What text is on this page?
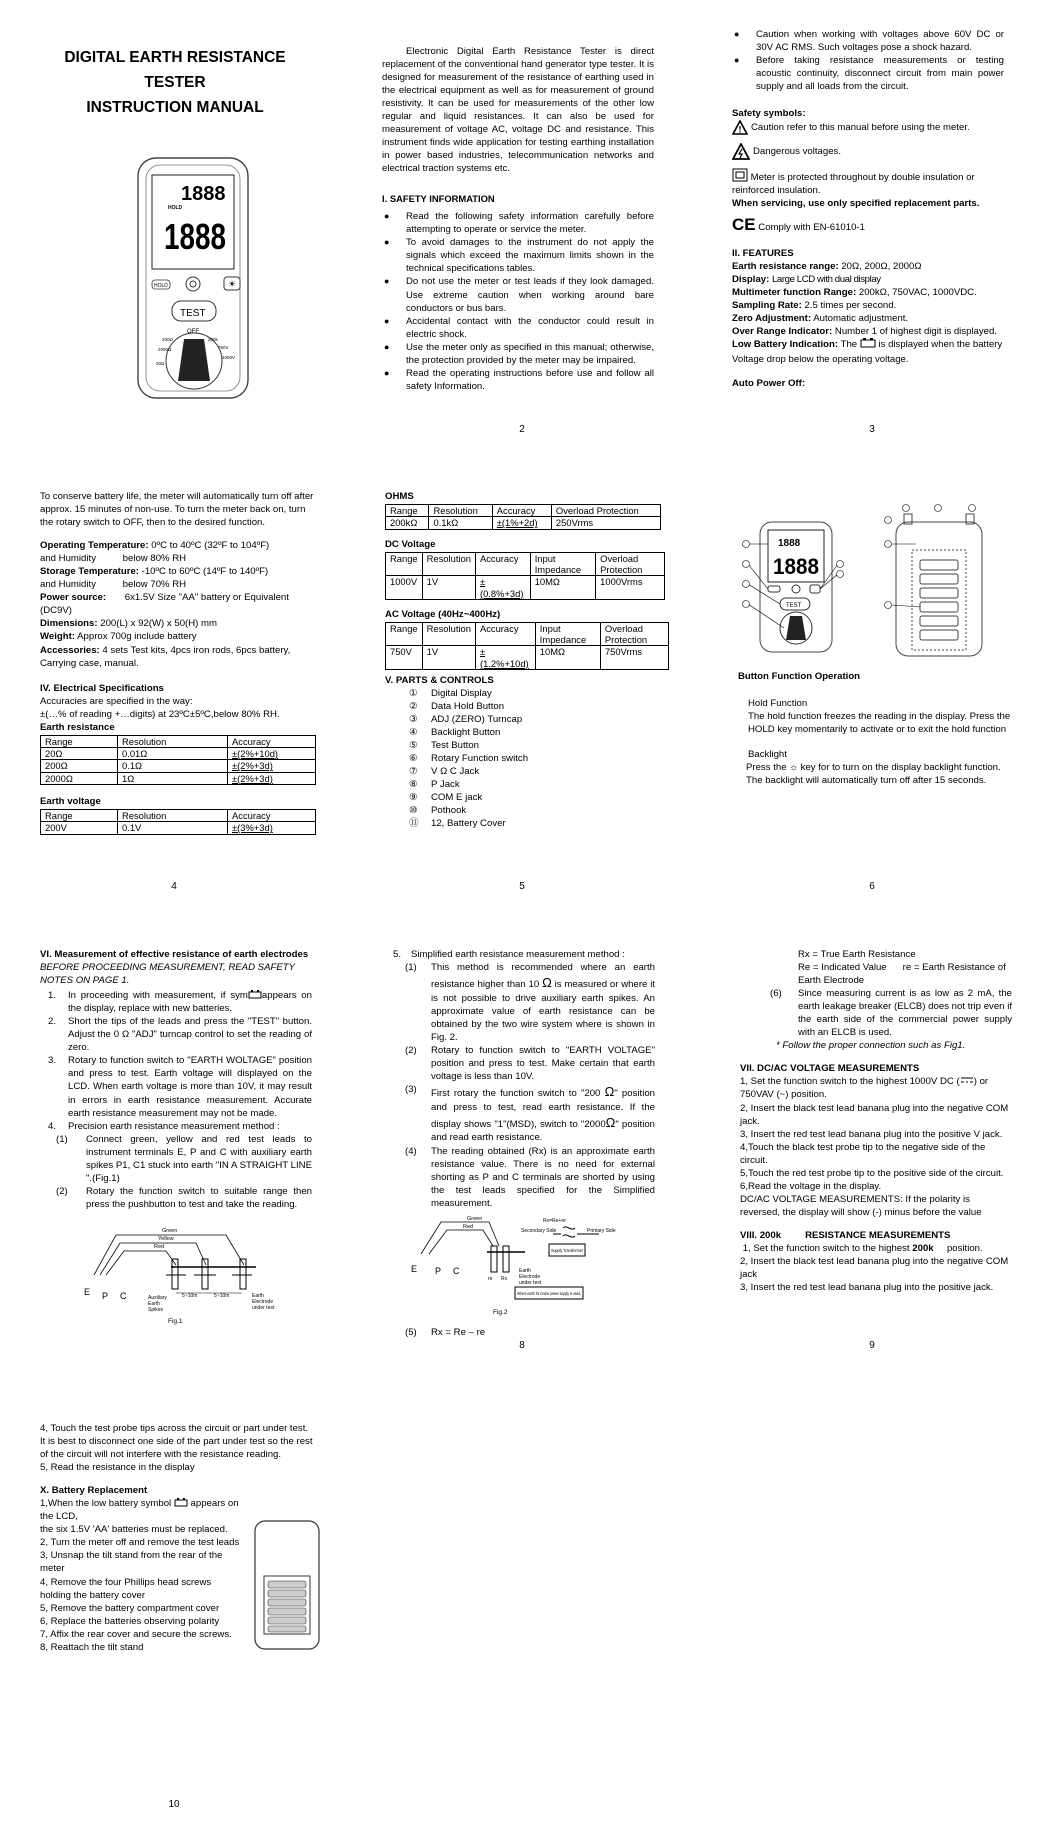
DIGITAL EARTH RESISTANCE
TESTER
INSTRUCTION MANUAL
1888
HOLD
1888
HOLD	☀
TEST
OFF
200Ω
2000Ω
20Ω
200k
750V
1000V
Electronic Digital Earth Resistance Tester is direct replacement of the conventional hand generator type tester. It is designed for measurement of the resistance of earthing used in the electrical equipment as well as for measurement of ground resistivity. It can be used for measurements of the other low regular and liquid resistances. It can also be used for measurement of voltage AC, voltage DC and resistance. This instrument finds wide application for testing earthing installation in power based industries, telecommunication networks and electrical traction systems etc.
I. SAFETY INFORMATION
● Read the following safety information carefully before attempting to operate or service the meter.
● To avoid damages to the instrument do not apply the signals which exceed the maximum limits shown in the technical specifications tables.
● Do not use the meter or test leads if they look damaged. Use extreme caution when working around bare conductors or bus bars.
● Accidental contact with the conductor could result in electric shock.
● Use the meter only as specified in this manual; otherwise, the protection provided by the meter may be impaired.
● Read the operating instructions before use and follow all safety Information.
2
● Caution when working with voltages above 60V DC or 30V AC RMS. Such voltages pose a shock hazard.
● Before taking resistance measurements or testing acoustic continuity, disconnect circuit from main power supply and all loads from the circuit.
Safety symbols:
! Caution refer to this manual before using the meter.
Dangerous voltages.
Meter is protected throughout by double insulation or reinforced insulation.
When servicing, use only specified replacement parts.
CE Comply with EN-61010-1
II. FEATURES
Earth resistance range: 20Ω, 200Ω, 2000Ω
Display: Large LCD with dual display
Multimeter function Range: 200kΩ, 750VAC, 1000VDC.
Sampling Rate: 2.5 times per second.
Zero Adjustment: Automatic adjustment.
Over Range Indicator: Number 1 of highest digit is displayed.
Low Battery Indication: The is displayed when the battery Voltage drop below the operating voltage.
Auto Power Off:
3
To conserve battery life, the meter will automatically turn off after approx. 15 minutes of non-use. To turn the meter back on, turn the rotary switch to OFF, then to the desired function.
Operating Temperature: 0ºC to 40ºC (32ºF to 104ºF)
and Humidity          below 80% RH
Storage Temperature: -10ºC to 60ºC (14ºF to 140ºF)
and Humidity          below 70% RH
Power source: 6x1.5V Size "AA" battery or Equivalent (DC9V)
Dimensions: 200(L) x 92(W) x 50(H) mm
Weight: Approx 700g include battery
Accessories: 4 sets Test kits, 4pcs iron rods, 6pcs battery, Carrying case, manual.
IV. Electrical Specifications
Accuracies are specified in the way:
±(…% of reading +…digits) at 23ºC±5ºC,below 80% RH.
Earth resistance
Range	Resolution	Accuracy
20Ω	0.01Ω	±(2%+10d)
200Ω	0.1Ω	±(2%+3d)
2000Ω	1Ω	±(2%+3d)
Earth voltage
Range	Resolution	Accuracy
200V	0.1V	±(3%+3d)
4
OHMS
Range	Resolution	Accuracy	Overload Protection
200kΩ	0.1kΩ	±(1%+2d)	250Vrms
DC Voltage
Range	Resolution	Accuracy	Input Impedance	Overload Protection
1000V	1V	±(0.8%+3d)	10MΩ	1000Vrms
AC Voltage (40Hz~400Hz)
Range	Resolution	Accuracy	Input Impedance	Overload Protection
750V	1V	±(1.2%+10d)	10MΩ	750Vrms
V. PARTS & CONTROLS
① Digital Display
② Data Hold Button
③ ADJ (ZERO) Turncap
④ Backlight Button
⑤ Test Button
⑥ Rotary Function switch
⑦ V Ω C Jack
⑧ P Jack
⑨ COM E jack
⑩ Pothook
⑪ 12, Battery Cover
5
1888
1888
TEST
Button Function Operation
Hold Function
The hold function freezes the reading in the display. Press the HOLD key momentarily to activate or to exit the hold function
Backlight
Press the ☼ key for to turn on the display backlight function. The backlight will automatically turn off after 15 seconds.
6
VI. Measurement of effective resistance of earth electrodes
BEFORE PROCEEDING MEASUREMENT, READ SAFETY NOTES ON PAGE 1.
1. In proceeding with measurement, if sym appears on the display, replace with new batteries.
2. Short the tips of the leads and press the "TEST" button. Adjust the 0 Ω "ADJ" turncap control to set the reading of zero.
3. Rotary to function switch to "EARTH WOLTAGE" position and press to test. Earth voltage will displayed on the LCD. When earth voltage is more than 10V, it may result in errors in earth resistance measurement. Accurate earth resistance measurement may not be made.
4. Precision earth resistance measurement method :
(1) Connect green, yellow and red test leads to instrument terminals E, P and C with auxiliary earth spikes P1, C1 stuck into earth "IN A STRAIGHT LINE ".(Fig.1)
(2) Rotary the function switch to suitable range then press the pushbutton to test and take the reading.
Green
Yellow
Red
E P C	Auxiliary
Earth
Spikes
5~10m	5~10m	Earth
Electrode
under test
Fig.1
5. Simplified earth resistance measurement method :
(1) This method is recommended where an earth resistance higher than 10 Ω is measured or where it is not possible to drive auxiliary earth spikes. An approximate value of earth resistance can be obtained by the two wire system where is shown in Fig. 2.
(2) Rotary to function switch to "EARTH VOLTAGE" position and press to test. Make certain that earth voltage is less than 10V.
(3) First rotary the function switch to "200 Ω" position and press to test, read earth resistance. If the display shows "1"(MSD), switch to "2000Ω" position and read earth resistance.
(4) The reading obtained (Rx) is an approximate earth resistance value. There is no need for external shorting as P and C terminals are shorted by using the test leads specified for the Simplified measurement.
Green
Red
E P C
Rx=Re+re
Secondary Side	Primary Side
Supply Transformer
re Rx
Earth
Electrode
under test
Where earth for mains power supply is used,
Fig.2
(5) Rx = Re – re
8
Rx = True Earth Resistance
Re = Indicated Value re = Earth Resistance of Earth Electrode
(6) Since measuring current is as low as 2 mA, the earth leakage breaker (ELCB) does not trip even if the earth side of the commercial power supply with an ELCB is used.
* Follow the proper connection such as Fig1.
VII. DC/AC VOLTAGE MEASUREMENTS
1, Set the function switch to the highest 1000V DC ( ) or 750VAV (~) position.
2, Insert the black test lead banana plug into the negative COM jack.
3, Insert the red test lead banana plug into the positive V jack.
4,Touch the black test probe tip to the negative side of the circuit.
5,Touch the red test probe tip to the positive side of the circuit.
6,Read the voltage in the display.
DC/AC VOLTAGE MEASUREMENTS: If the polarity is reversed, the display will show (-) minus before the value
VIII. 200k	RESISTANCE MEASUREMENTS
1, Set the function switch to the highest 200k position.
2, Insert the black test lead banana plug into the negative COM jack
3, Insert the red test lead banana plug into the positive jack.
9
4, Touch the test probe tips across the circuit or part under test. It is best to disconnect one side of the part under test so the rest of the circuit will not interfere with the resistance reading.
5, Read the resistance in the display
X. Battery Replacement
1,When the low battery symbol appears on the LCD,
the six 1.5V 'AA' batteries must be replaced.
2, Turn the meter off and remove the test leads
3, Unsnap the tilt stand from the rear of the meter
4, Remove the four Phillips head screws holding the battery cover
5, Remove the battery compartment cover
6, Replace the batteries observing polarity
7, Affix the rear cover and secure the screws.
8, Reattach the tilt stand
10
